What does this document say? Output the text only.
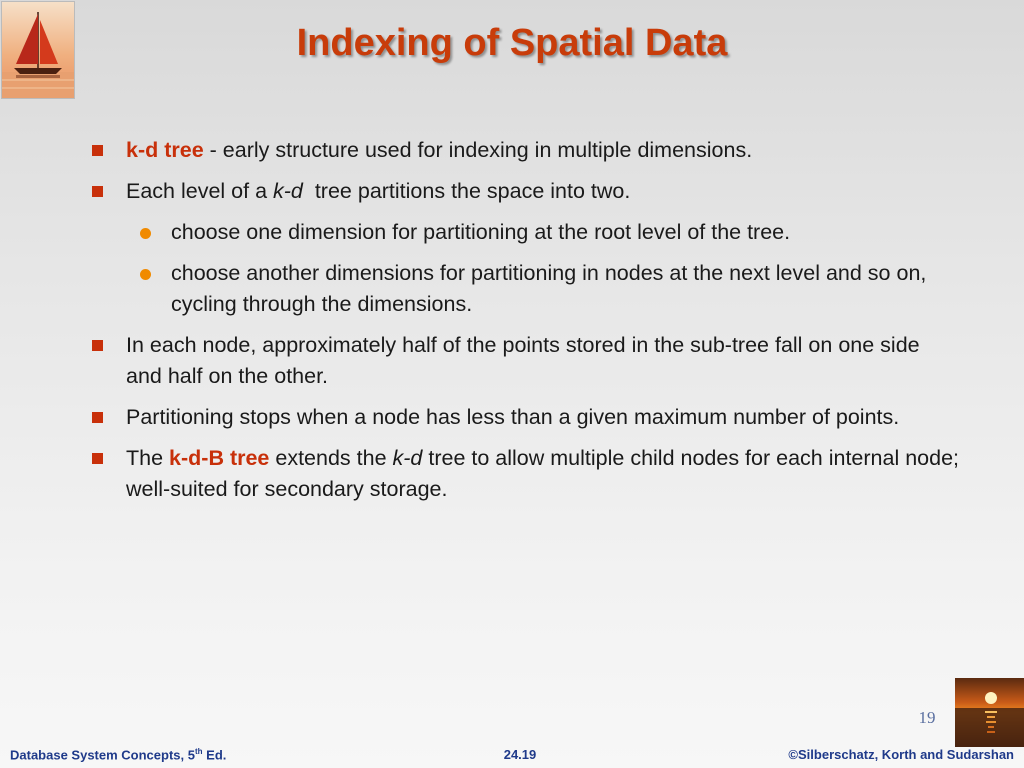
Indexing of Spatial Data
k-d tree - early structure used for indexing in multiple dimensions.
Each level of a k-d  tree partitions the space into two.
choose one dimension for partitioning at the root level of the tree.
choose another dimensions for partitioning in nodes at the next level and so on, cycling through the dimensions.
In each node, approximately half of the points stored in the sub-tree fall on one side and half on the other.
Partitioning stops when a node has less than a given maximum number of points.
The k-d-B tree extends the k-d tree to allow multiple child nodes for each internal node; well-suited for secondary storage.
19
Database System Concepts, 5th Ed.	24.19	©Silberschatz, Korth and Sudarshan
